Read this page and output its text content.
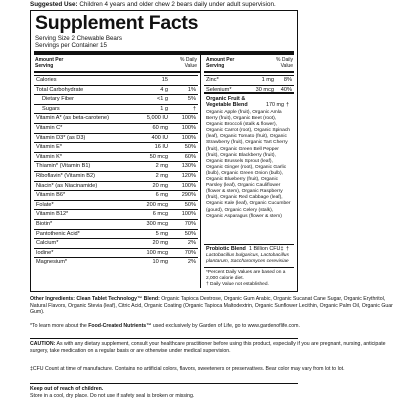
Suggested Use: Children 4 years and older chew 2 bears daily under adult supervision.
Supplement Facts
Serving Size 2 Chewable Bears
Servings per Container 15
Amount Per
Serving
% Daily
Value
Amount Per
Serving
% Daily
Value
Organic Fruit &
Vegetable Blend	170 mg †
Organic Apple (fruit), Organic Amla Berry (fruit), Organic Beet (root), Organic Broccoli (stalk & flower), Organic Carrot (root), Organic Spinach (leaf), Organic Tomato (fruit), Organic Strawberry (fruit), Organic Tart Cherry (fruit), Organic Green Bell Pepper (fruit), Organic Blackberry (fruit), Organic Brussels Sprout (leaf), Organic Ginger (root), Organic Garlic (bulb), Organic Green Onion (bulb), Organic Blueberry (fruit), Organic Parsley (leaf), Organic Cauliflower (flower & stem), Organic Raspberry (fruit), Organic Red Cabbage (leaf), Organic Kale (leaf), Organic Cucumber (gourd), Organic Celery (stalk), Organic Asparagus (flower & stem)
Probiotic Blend 1 Billion CFU‡ †
Lactobacillus bulgaricus, Lactobacillus plantarum, Saccharomyces cerevisiae
*Percent Daily Values are based on a 2,000 calorie diet.
† Daily Value not established.
Calories	15
Total Carbohydrate	4 g	1%
Dietary Fiber	<1 g	5%
Sugars	1 g	†
Vitamin A* (as beta-carotene)	5,000 IU	100%
Vitamin C*	60 mg	100%
Vitamin D3* (as D3)	400 IU	100%
Vitamin E*	16 IU	50%
Vitamin K*	50 mcg	60%
Thiamin* (Vitamin B1)	2 mg	130%
Riboflavin* (Vitamin B2)	2 mg	120%
Niacin* (as Niacinamide)	20 mg	100%
Vitamin B6*	6 mg	290%
Folate*	200 mcg	50%
Vitamin B12*	6 mcg	100%
Biotin*	300 mcg	70%
Pantothenic Acid*	5 mg	50%
Calcium*	20 mg	2%
Iodine*	100 mcg	70%
Magnesium*	10 mg	2%
Zinc*	1 mg	8%
Selenium*	30 mcg	40%
Other Ingredients: Clean Tablet Technology™ Blend: Organic Tapioca Dextrose, Organic Gum Arabic, Organic Sucanat Cane Sugar, Organic Erythritol, Natural Flavors, Organic Stevia (leaf), Citric Acid, Organic Coating (Organic Tapioca Maltodextrin, Organic Sunflower Lecithin, Organic Palm Oil, Organic Guar Gum).
*To learn more about the Food-Created Nutrients™ used exclusively by Garden of Life, go to www.gardenoflife.com.
CAUTION: As with any dietary supplement, consult your healthcare practitioner before using this product, especially if you are pregnant, nursing, anticipate surgery, take medication on a regular basis or are otherwise under medical supervision.
‡CFU Count at time of manufacture. Contains no artificial colors, flavors, sweeteners or preservatives. Bear color may vary from lot to lot.
Keep out of reach of children.
Store in a cool, dry place. Do not use if safety seal is broken or missing.
